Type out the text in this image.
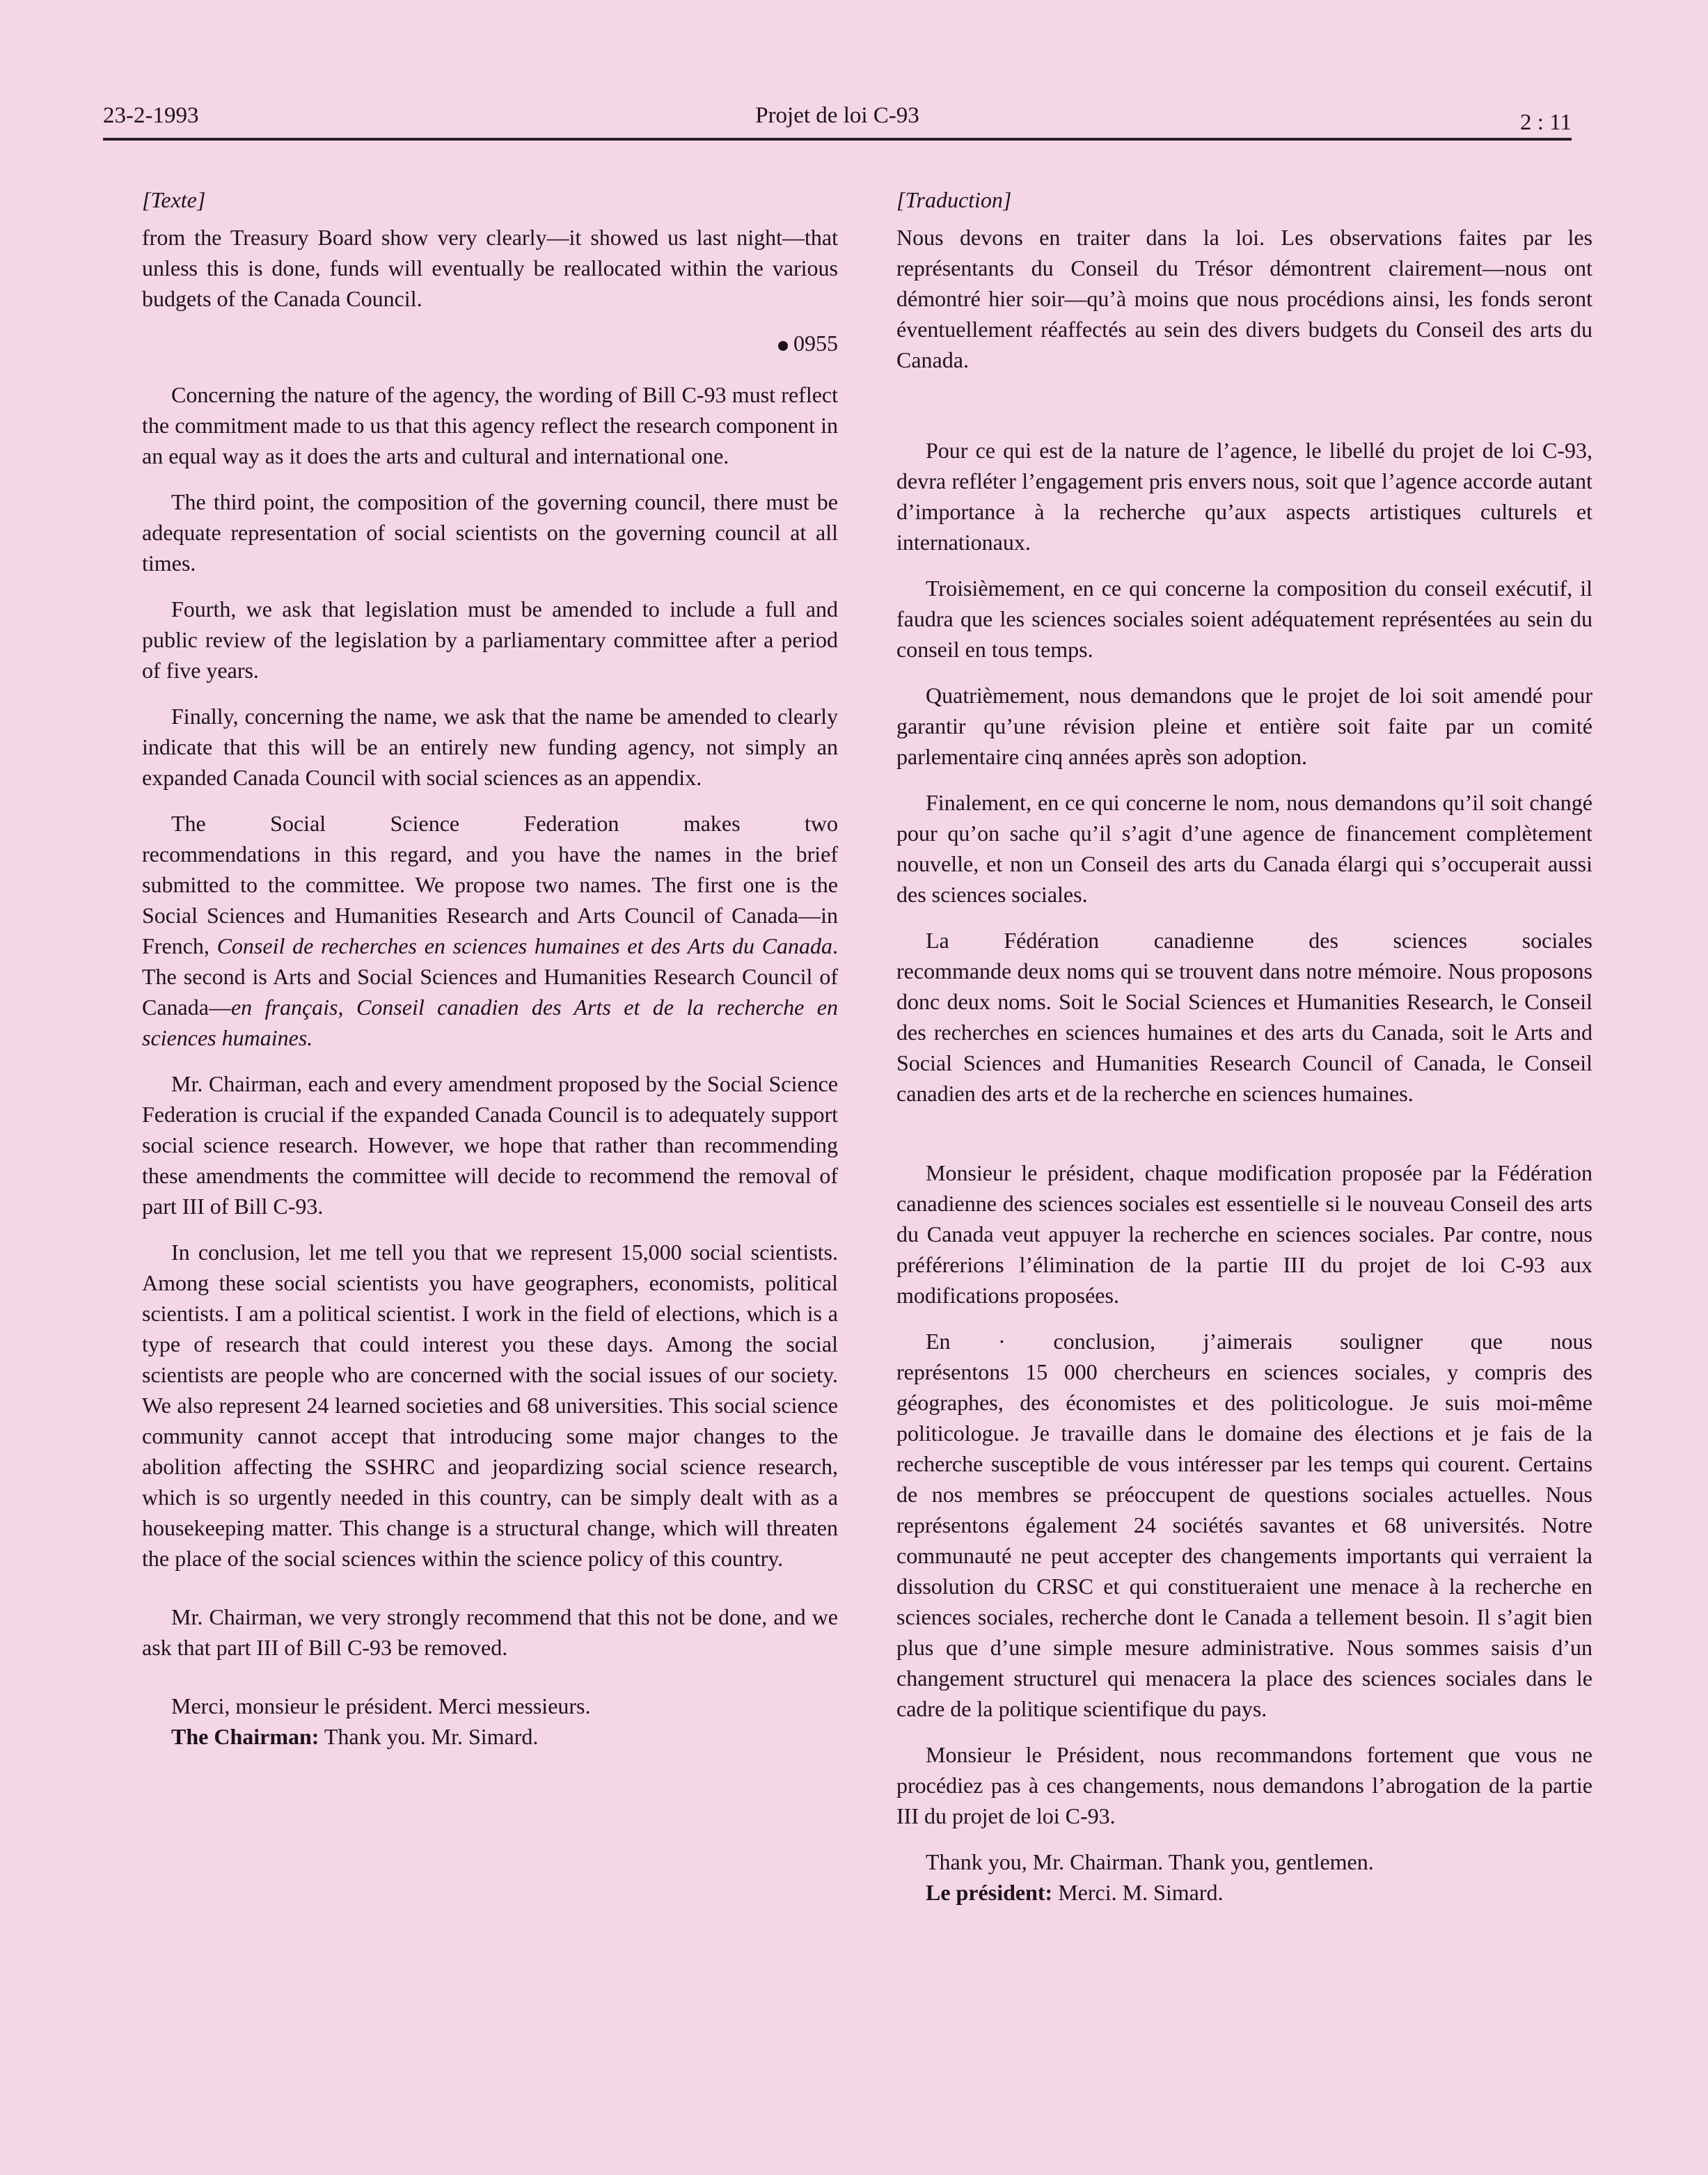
23-2-1993	Projet de loi C-93	2 : 11
[Texte]

from the Treasury Board show very clearly—it showed us last night—that unless this is done, funds will eventually be reallocated within the various budgets of the Canada Council.

0955

Concerning the nature of the agency, the wording of Bill C-93 must reflect the commitment made to us that this agency reflect the research component in an equal way as it does the arts and cultural and international one.

The third point, the composition of the governing council, there must be adequate representation of social scientists on the governing council at all times.

Fourth, we ask that legislation must be amended to include a full and public review of the legislation by a parliamentary committee after a period of five years.

Finally, concerning the name, we ask that the name be amended to clearly indicate that this will be an entirely new funding agency, not simply an expanded Canada Council with social sciences as an appendix.

The Social Science Federation makes two

recommendations in this regard, and you have the names in the brief submitted to the committee. We propose two names. The first one is the Social Sciences and Humanities Research and Arts Council of Canada—in French, Conseil de recherches en sciences humaines et des Arts du Canada. The second is Arts and Social Sciences and Humanities Research Council of Canada—en français, Conseil canadien des Arts et de la recherche en sciences humaines.

Mr. Chairman, each and every amendment proposed by the Social Science Federation is crucial if the expanded Canada Council is to adequately support social science research. However, we hope that rather than recommending these amendments the committee will decide to recommend the removal of part III of Bill C-93.

In conclusion, let me tell you that we represent 15,000 social scientists. Among these social scientists you have geographers, economists, political scientists. I am a political scientist. I work in the field of elections, which is a type of research that could interest you these days. Among the social scientists are people who are concerned with the social issues of our society. We also represent 24 learned societies and 68 universities. This social science community cannot accept that introducing some major changes to the abolition affecting the SSHRC and jeopardizing social science research, which is so urgently needed in this country, can be simply dealt with as a housekeeping matter. This change is a structural change, which will threaten the place of the social sciences within the science policy of this country.

Mr. Chairman, we very strongly recommend that this not be done, and we ask that part III of Bill C-93 be removed.

Merci, monsieur le président. Merci messieurs.

The Chairman: Thank you. Mr. Simard.

[Traduction]

Nous devons en traiter dans la loi. Les observations faites par les représentants du Conseil du Trésor démontrent clairement—nous ont démontré hier soir—qu’à moins que nous procédions ainsi, les fonds seront éventuellement réaffectés au sein des divers budgets du Conseil des arts du Canada.

Pour ce qui est de la nature de l’agence, le libellé du projet de loi C-93, devra refléter l’engagement pris envers nous, soit que l’agence accorde autant d’importance à la recherche qu’aux aspects artistiques culturels et internationaux.

Troisièmement, en ce qui concerne la composition du conseil exécutif, il faudra que les sciences sociales soient adéquatement représentées au sein du conseil en tous temps.

Quatrièmement, nous demandons que le projet de loi soit amendé pour garantir qu’une révision pleine et entière soit faite par un comité parlementaire cinq années après son adoption.

Finalement, en ce qui concerne le nom, nous demandons qu’il soit changé pour qu’on sache qu’il s’agit d’une agence de financement complètement nouvelle, et non un Conseil des arts du Canada élargi qui s’occuperait aussi des sciences sociales.

La Fédération canadienne des sciences sociales

recommande deux noms qui se trouvent dans notre mémoire. Nous proposons donc deux noms. Soit le Social Sciences et Humanities Research, le Conseil des recherches en sciences humaines et des arts du Canada, soit le Arts and Social Sciences and Humanities Research Council of Canada, le Conseil canadien des arts et de la recherche en sciences humaines.

Monsieur le président, chaque modification proposée par la Fédération canadienne des sciences sociales est essentielle si le nouveau Conseil des arts du Canada veut appuyer la recherche en sciences sociales. Par contre, nous préférerions l’élimination de la partie III du projet de loi C-93 aux modifications proposées.

En · conclusion, j’aimerais souligner que nous

représentons 15 000 chercheurs en sciences sociales, y compris des géographes, des économistes et des politicologue. Je suis moi-même politicologue. Je travaille dans le domaine des élections et je fais de la recherche susceptible de vous intéresser par les temps qui courent. Certains de nos membres se préoccupent de questions sociales actuelles. Nous représentons également 24 sociétés savantes et 68 universités. Notre communauté ne peut accepter des changements importants qui verraient la dissolution du CRSC et qui constitueraient une menace à la recherche en sciences sociales, recherche dont le Canada a tellement besoin. Il s’agit bien plus que d’une simple mesure administrative. Nous sommes saisis d’un changement structurel qui menacera la place des sciences sociales dans le cadre de la politique scientifique du pays.

Monsieur le Président, nous recommandons fortement que vous ne procédiez pas à ces changements, nous demandons l’abrogation de la partie III du projet de loi C-93.

Thank you, Mr. Chairman. Thank you, gentlemen.

Le président: Merci. M. Simard.
